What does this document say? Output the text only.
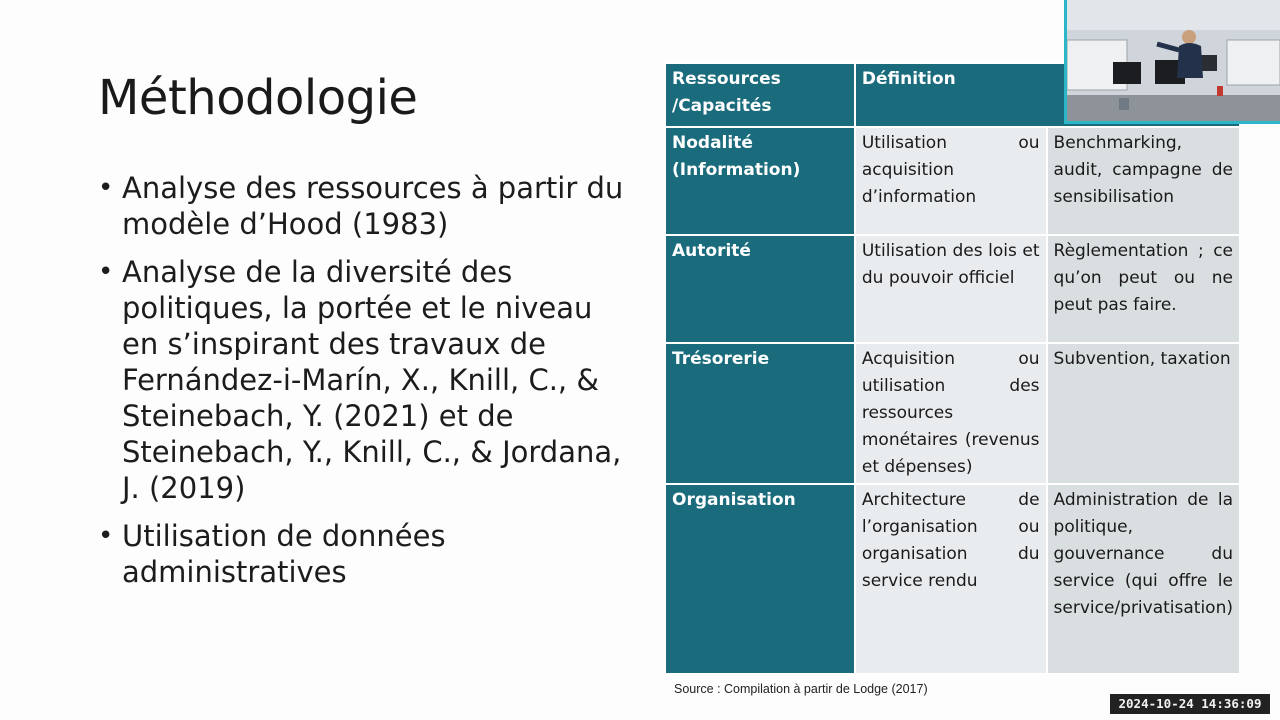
Méthodologie
• Analyse des ressources à partir du modèle d’Hood (1983)
• Analyse de la diversité des politiques, la portée et le niveau en s’inspirant des travaux de Fernández-i-Marín, X., Knill, C., & Steinebach, Y. (2021) et de Steinebach, Y., Knill, C., & Jordana, J. (2019)
• Utilisation de données administratives
Ressources /Capacités	Définition	
Nodalité (Information)	Utilisation ou acquisition d’information	Benchmarking, audit, campagne de sensibilisation
Autorité	Utilisation des lois et du pouvoir officiel	Règlementation ; ce qu’on peut ou ne peut pas faire.
Trésorerie	Acquisition ou utilisation des ressources monétaires (revenus et dépenses)	Subvention, taxation
Organisation	Architecture de l’organisation ou organisation du service rendu	Administration de la politique, gouvernance du service (qui offre le service/privatisation)
Source : Compilation à partir de Lodge (2017)
2024-10-24 14:36:09
